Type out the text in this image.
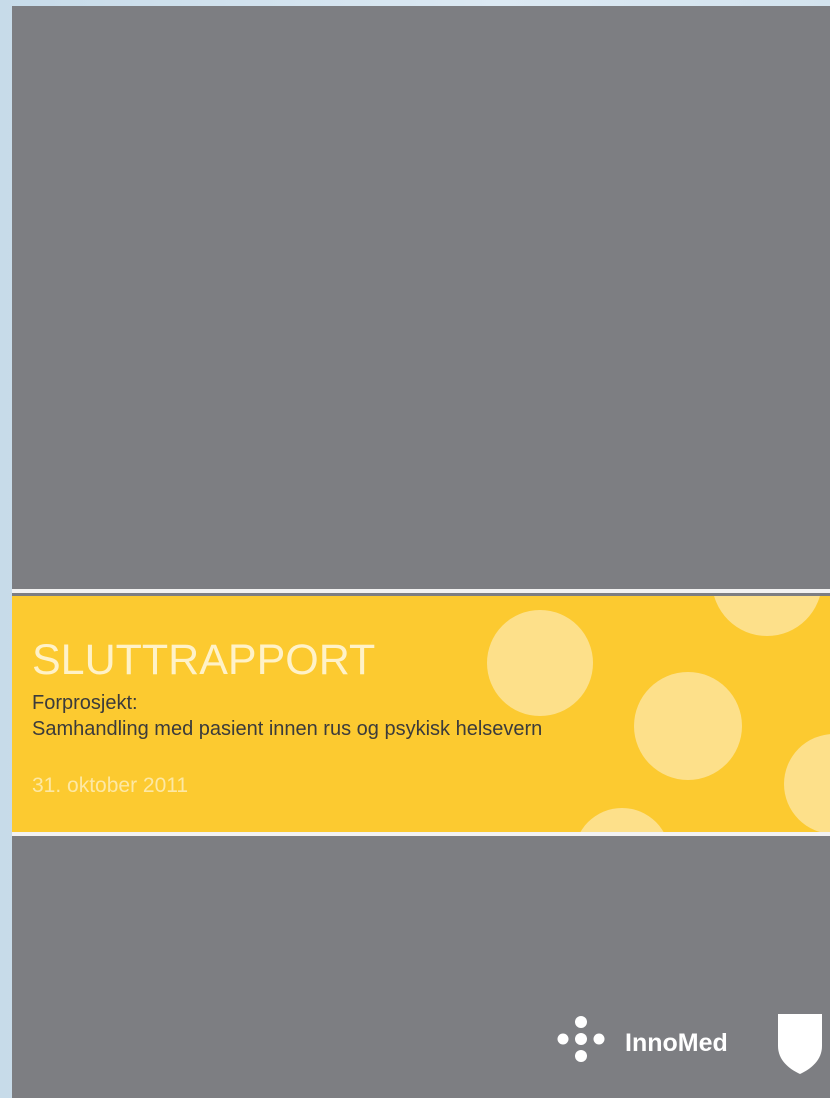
SLUTTRAPPORT

Forprosjekt:

Samhandling med pasient innen rus og psykisk helsevern

31. oktober 2011

InnoMed
